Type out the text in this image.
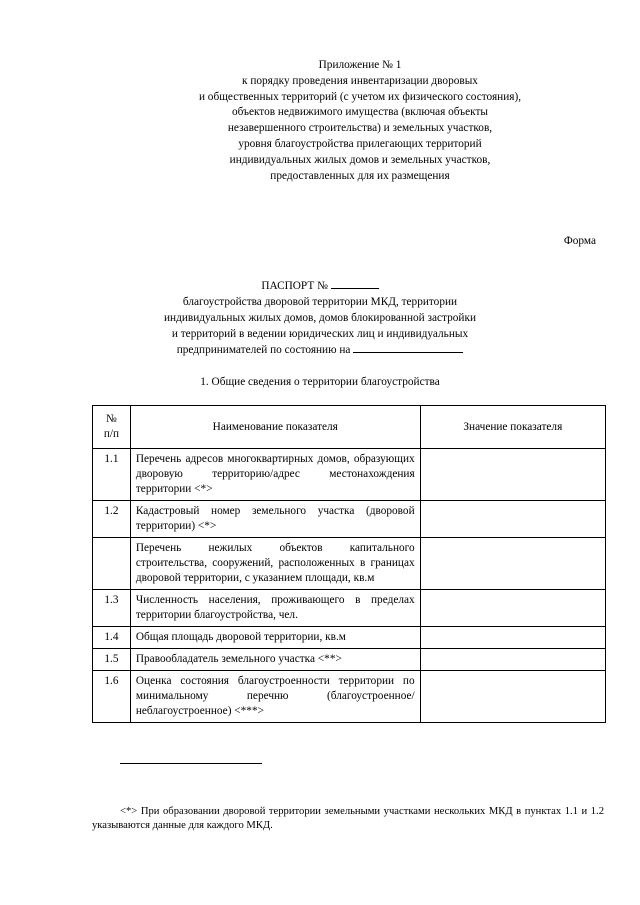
Приложение № 1
к порядку проведения инвентаризации дворовых
и общественных территорий (с учетом их физического состояния),
объектов недвижимого имущества (включая объекты
незавершенного строительства) и земельных участков,
уровня благоустройства прилегающих территорий
индивидуальных жилых домов и земельных участков,
предоставленных для их размещения
Форма
ПАСПОРТ №
благоустройства дворовой территории МКД, территории
индивидуальных жилых домов, домов блокированной застройки
и территорий в ведении юридических лиц и индивидуальных
предпринимателей по состоянию на
1. Общие сведения о территории благоустройства
№
п/п	Наименование показателя	Значение показателя
1.1	Перечень адресов многоквартирных домов, образующих дворовую территорию/адрес местонахождения территории <*>	
1.2	Кадастровый номер земельного участка (дворовой территории) <*>	
	Перечень нежилых объектов капитального строительства, сооружений, расположенных в границах дворовой территории, с указанием площади, кв.м	
1.3	Численность населения, проживающего в пределах территории благоустройства, чел.	
1.4	Общая площадь дворовой территории, кв.м	
1.5	Правообладатель земельного участка <**>	
1.6	Оценка состояния благоустроенности территории по минимальному перечню (благоустроенное/неблагоустроенное) <***>	
<*> При образовании дворовой территории земельными участками нескольких МКД в пунктах 1.1 и 1.2 указываются данные для каждого МКД.
